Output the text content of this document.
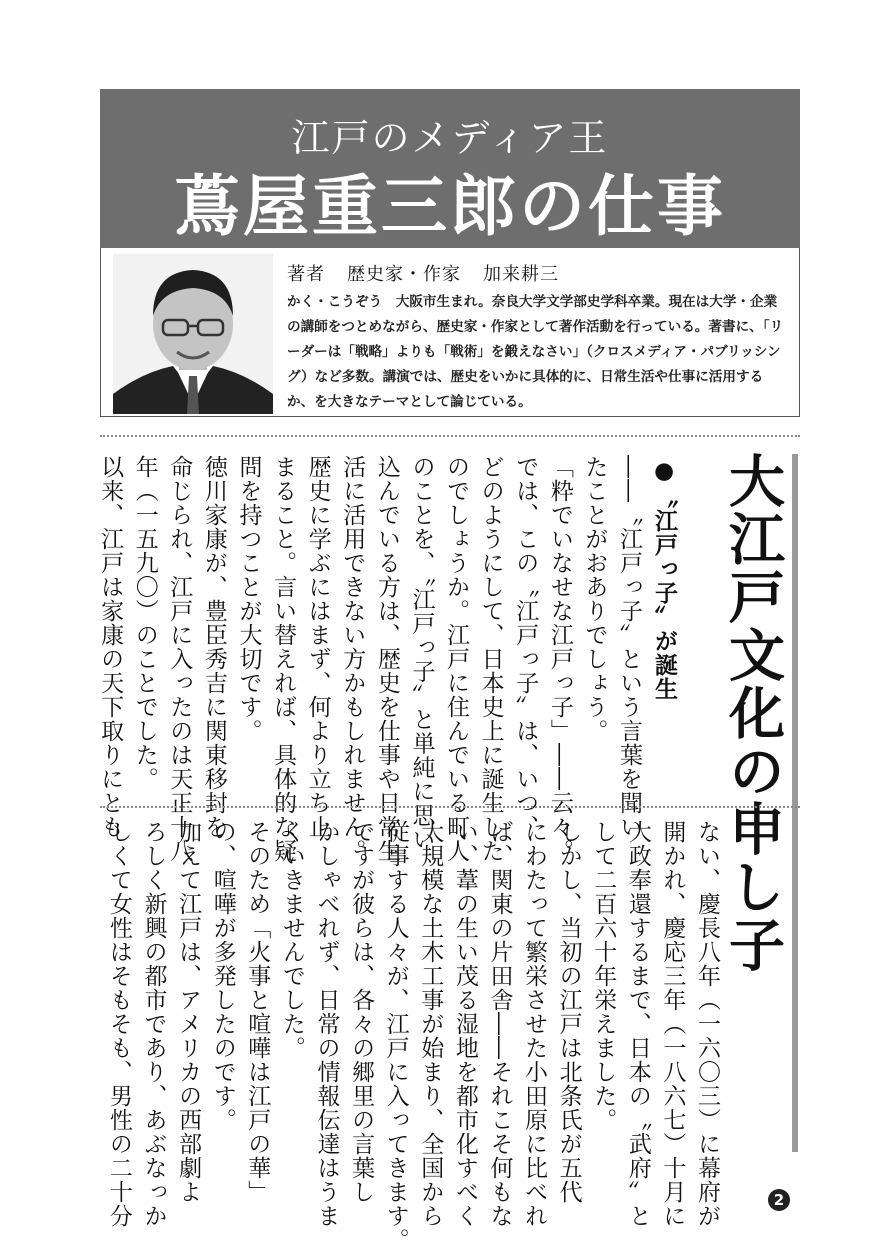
江戸のメディア王
蔦屋重三郎の仕事
著者 歴史家・作家 加来耕三
かく・こうぞう　大阪市生まれ。奈良大学文学部史学科卒業。現在は大学・企業の講師をつとめながら、歴史家・作家として著作活動を行っている。著書に、「リーダーは「戦略」よりも「戦術」を鍛えなさい」（クロスメディア・パブリッシング）など多数。講演では、歴史をいかに具体的に、日常生活や仕事に活用するか、を大きなテーマとして論じている。
大江戸文化の申し子
●〝江戸っ子〟が誕生
――〝江戸っ子〟という言葉を聞い
たことがおありでしょう。
「粋でいなせな江戸っ子」――云々。
では、この〝江戸っ子〟は、いつ、
どのようにして、日本史上に誕生した
のでしょうか。江戸に住んでいる町人
のことを、〝江戸っ子〟と単純に思い
込んでいる方は、歴史を仕事や日常生
活に活用できない方かもしれません。
歴史に学ぶにはまず、何より立ち止
まること。言い替えれば、具体的な疑
問を持つことが大切です。
徳川家康が、豊臣秀吉に関東移封を
命じられ、江戸に入ったのは天正十八
年（一五九〇）のことでした。
以来、江戸は家康の天下取りにとも
ない、慶長八年（一六〇三）に幕府が
開かれ、慶応三年（一八六七）十月に
大政奉還するまで、日本の〝武府〟と
して二百六十年栄えました。
しかし、当初の江戸は北条氏が五代
にわたって繁栄させた小田原に比べれ
ば、関東の片田舎――それこそ何もな
い、葦の生い茂る湿地を都市化すべく
大規模な土木工事が始まり、全国から
従事する人々が、江戸に入ってきます。
ですが彼らは、各々の郷里の言葉し
かしゃべれず、日常の情報伝達はうま
くいきませんでした。
そのため「火事と喧嘩は江戸の華」
の、喧嘩が多発したのです。
加えて江戸は、アメリカの西部劇よ
ろしく新興の都市であり、あぶなっか
しくて女性はそもそも、男性の二十分	2
